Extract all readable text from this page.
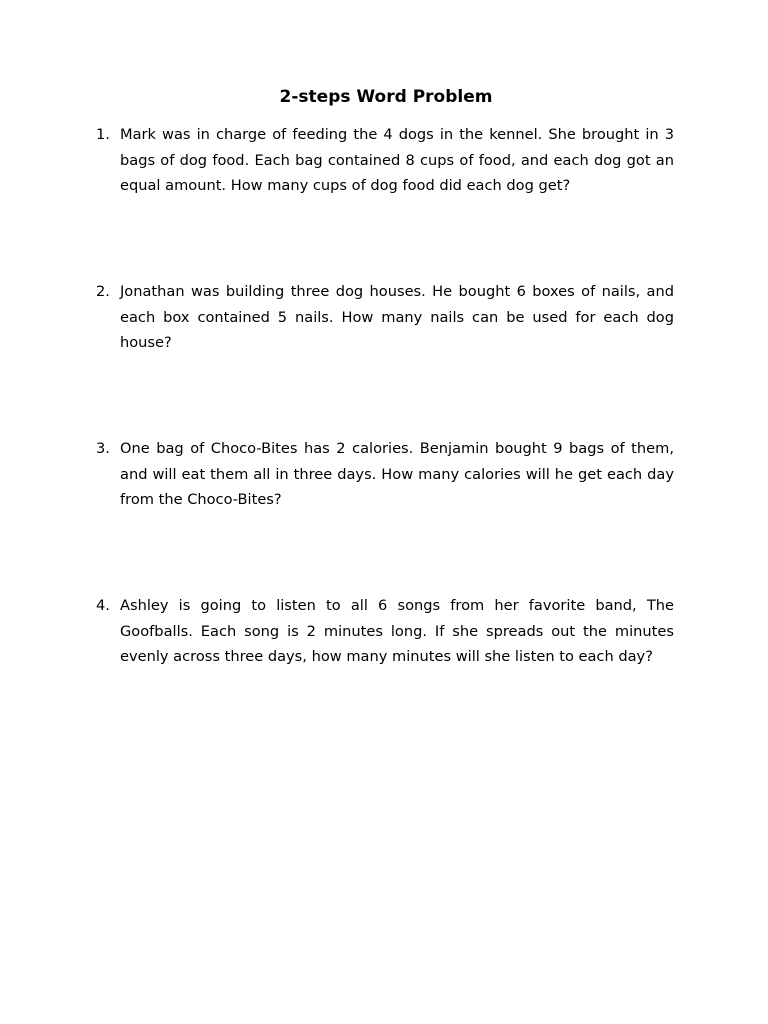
2-steps Word Problem
1. Mark was in charge of feeding the 4 dogs in the kennel. She brought in 3 bags of dog food. Each bag contained 8 cups of food, and each dog got an equal amount. How many cups of dog food did each dog get?

2. Jonathan was building three dog houses. He bought 6 boxes of nails, and each box contained 5 nails. How many nails can be used for each dog house?

3. One bag of Choco-Bites has 2 calories. Benjamin bought 9 bags of them, and will eat them all in three days. How many calories will he get each day from the Choco-Bites?

4. Ashley is going to listen to all 6 songs from her favorite band, The Goofballs. Each song is 2 minutes long. If she spreads out the minutes evenly across three days, how many minutes will she listen to each day?
